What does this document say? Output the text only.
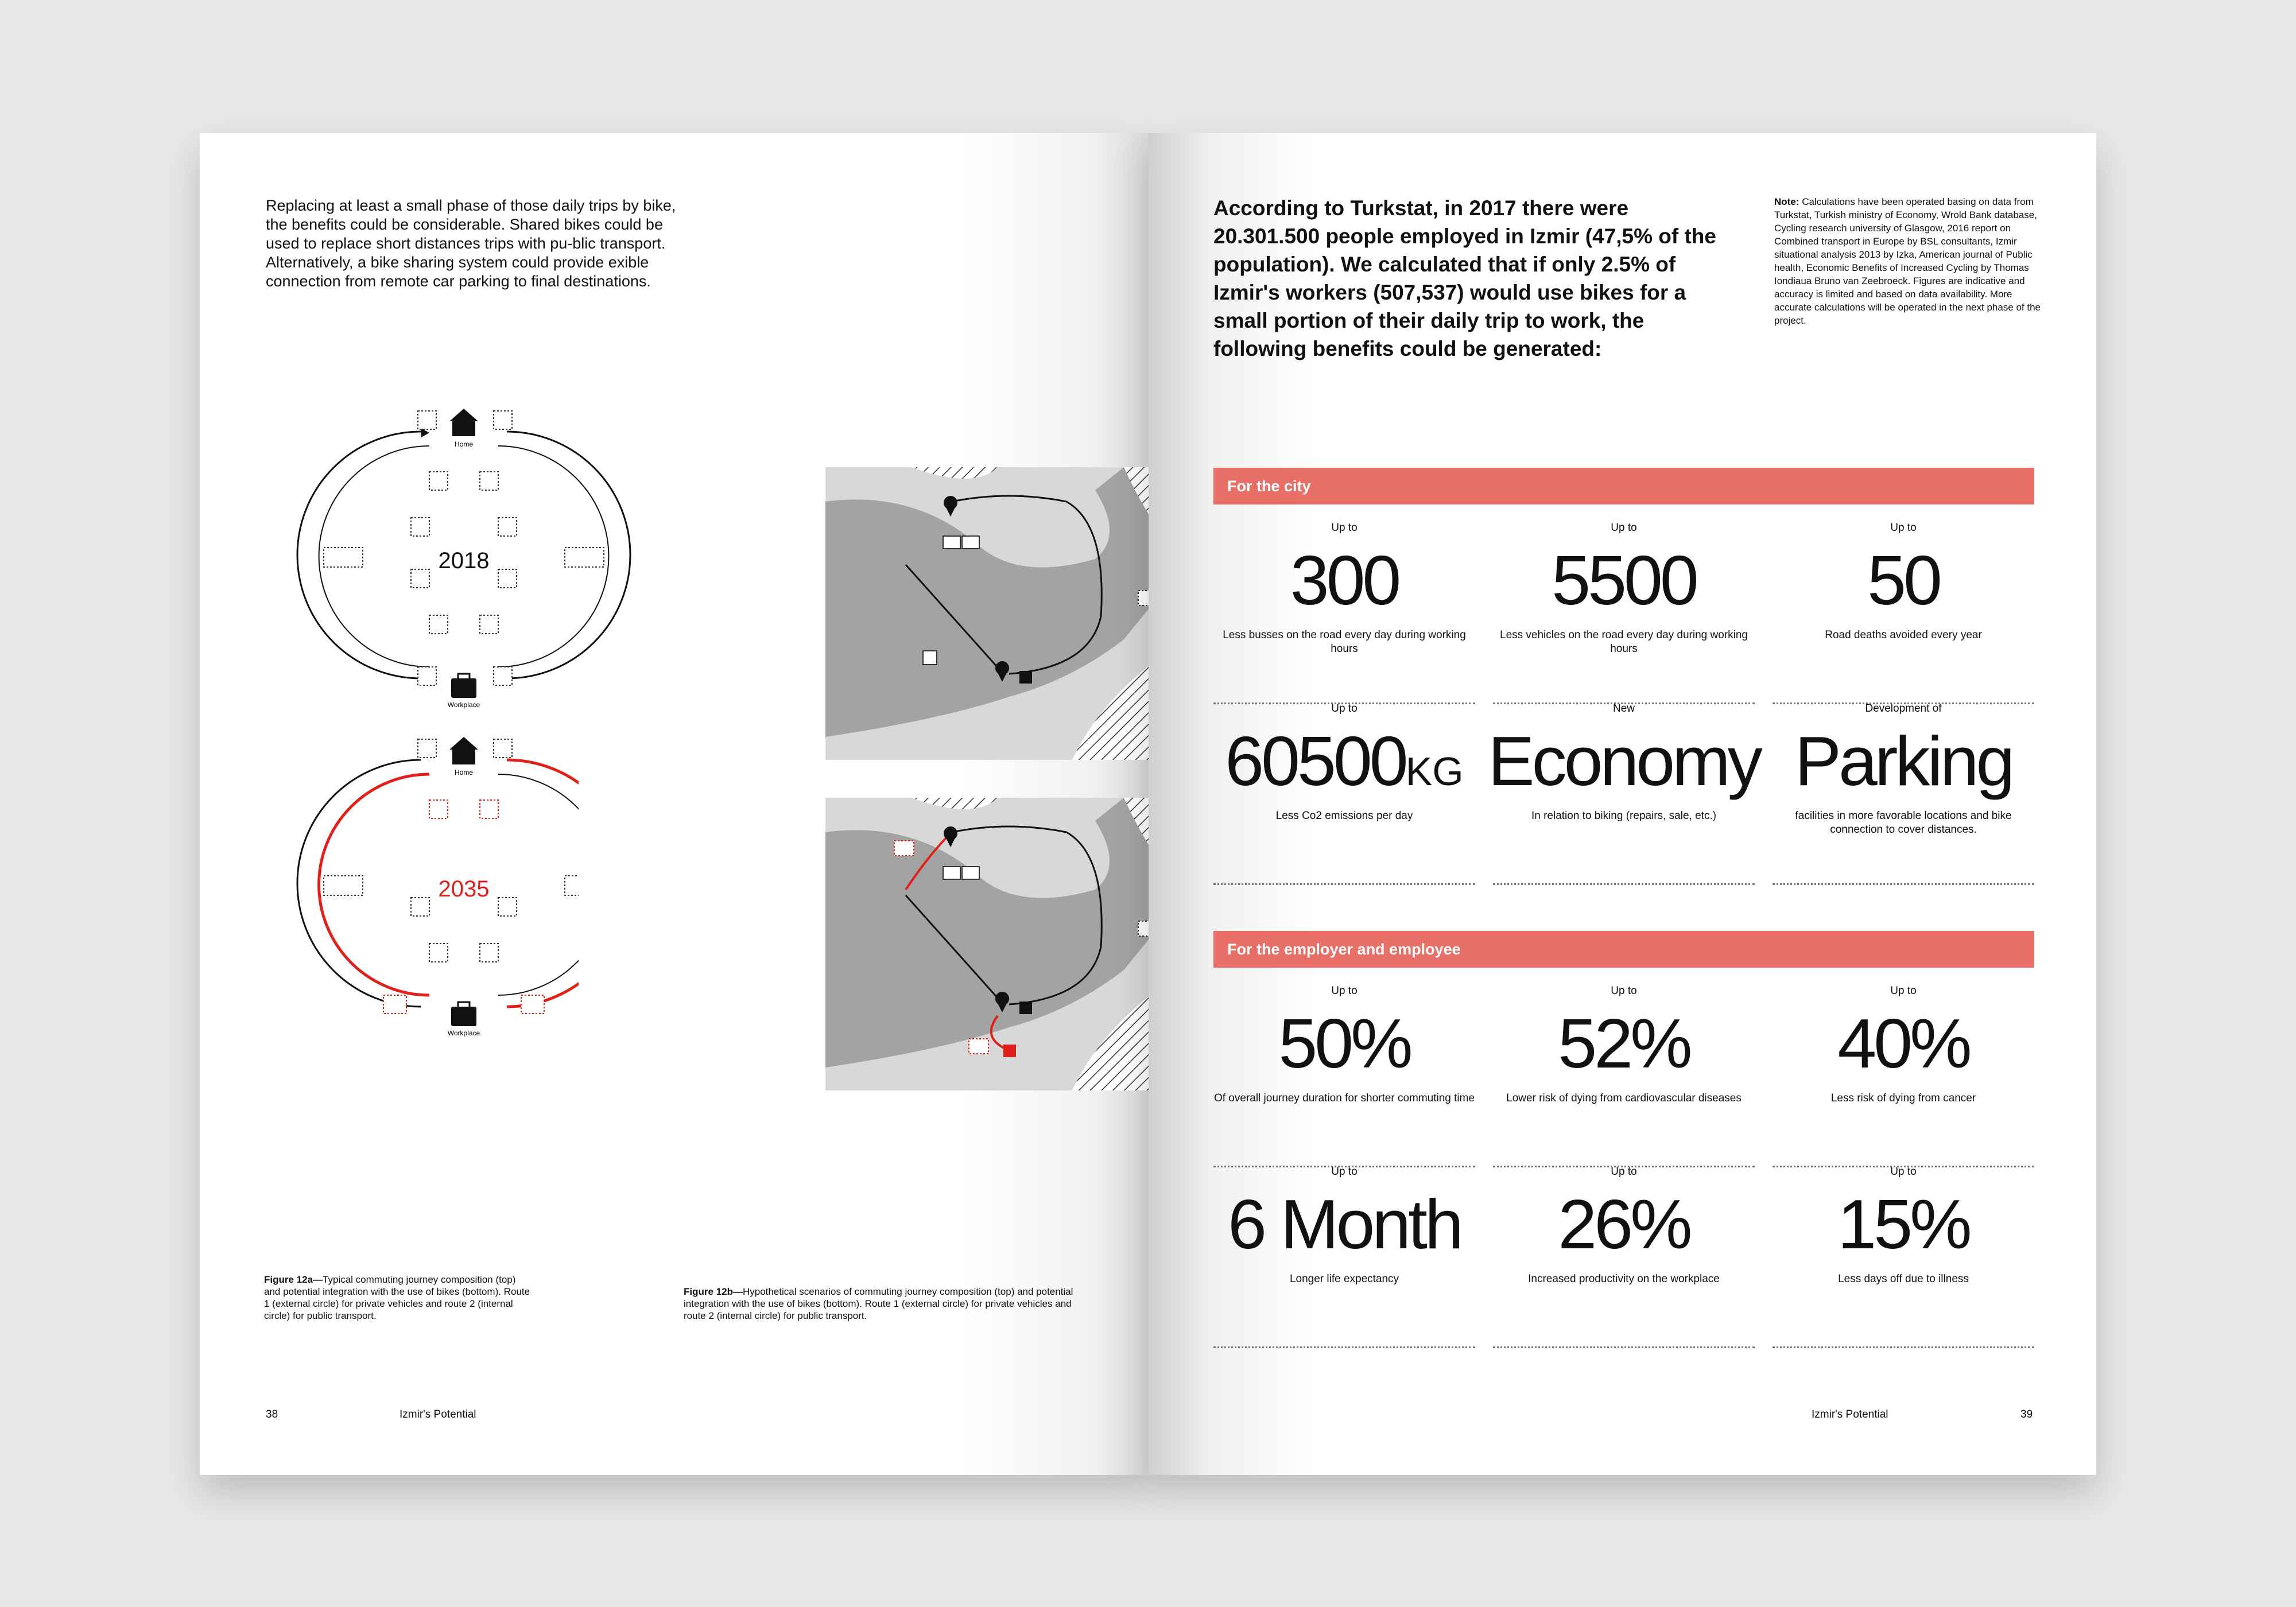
Replacing at least a small phase of those daily trips by bike, the benefits could be considerable. Shared bikes could be used to replace short distances trips with pu-blic transport. Alternatively, a bike sharing system could provide exible connection from remote car parking to final destinations.
Home
Workplace
2018
Home
Workplace
2035
Figure 12a—Typical commuting journey composition (top) and potential integration with the use of bikes (bottom). Route 1 (external circle) for private vehicles and route 2 (internal circle) for public transport.
Figure 12b—Hypothetical scenarios of commuting journey composition (top) and potential integration with the use of bikes (bottom). Route 1 (external circle) for private vehicles and route 2 (internal circle) for public transport.
38	Izmir's Potential
According to Turkstat, in 2017 there were 20.301.500 people employed in Izmir (47,5% of the population). We calculated that if only 2.5% of Izmir's workers (507,537) would use bikes for a small portion of their daily trip to work, the following benefits could be generated:
Note: Calculations have been operated basing on data from Turkstat, Turkish ministry of Economy, Wrold Bank database, Cycling research university of Glasgow, 2016 report on Combined transport in Europe by BSL consultants, Izmir situational analysis 2013 by Izka, American journal of Public health, Economic Benefits of Increased Cycling by Thomas Iondiaua Bruno van Zeebroeck. Figures are indicative and accuracy is limited and based on data availability. More accurate calculations will be operated in the next phase of the project.
For the city
Up to
300
Less busses on the road every day during working hours
Up to
5500
Less vehicles on the road every day during working hours
Up to
50
Road deaths avoided every year
Up to
60500KG
Less Co2 emissions per day
New
Economy
In relation to biking (repairs, sale, etc.)
Development of
Parking
facilities in more favorable locations and bike connection to cover distances.
For the employer and employee
Up to
50%
Of overall journey duration for shorter commuting time
Up to
52%
Lower risk of dying from cardiovascular diseases
Up to
40%
Less risk of dying from cancer
Up to
6 Month
Longer life expectancy
Up to
26%
Increased productivity on the workplace
Up to
15%
Less days off due to illness
Izmir's Potential	39
